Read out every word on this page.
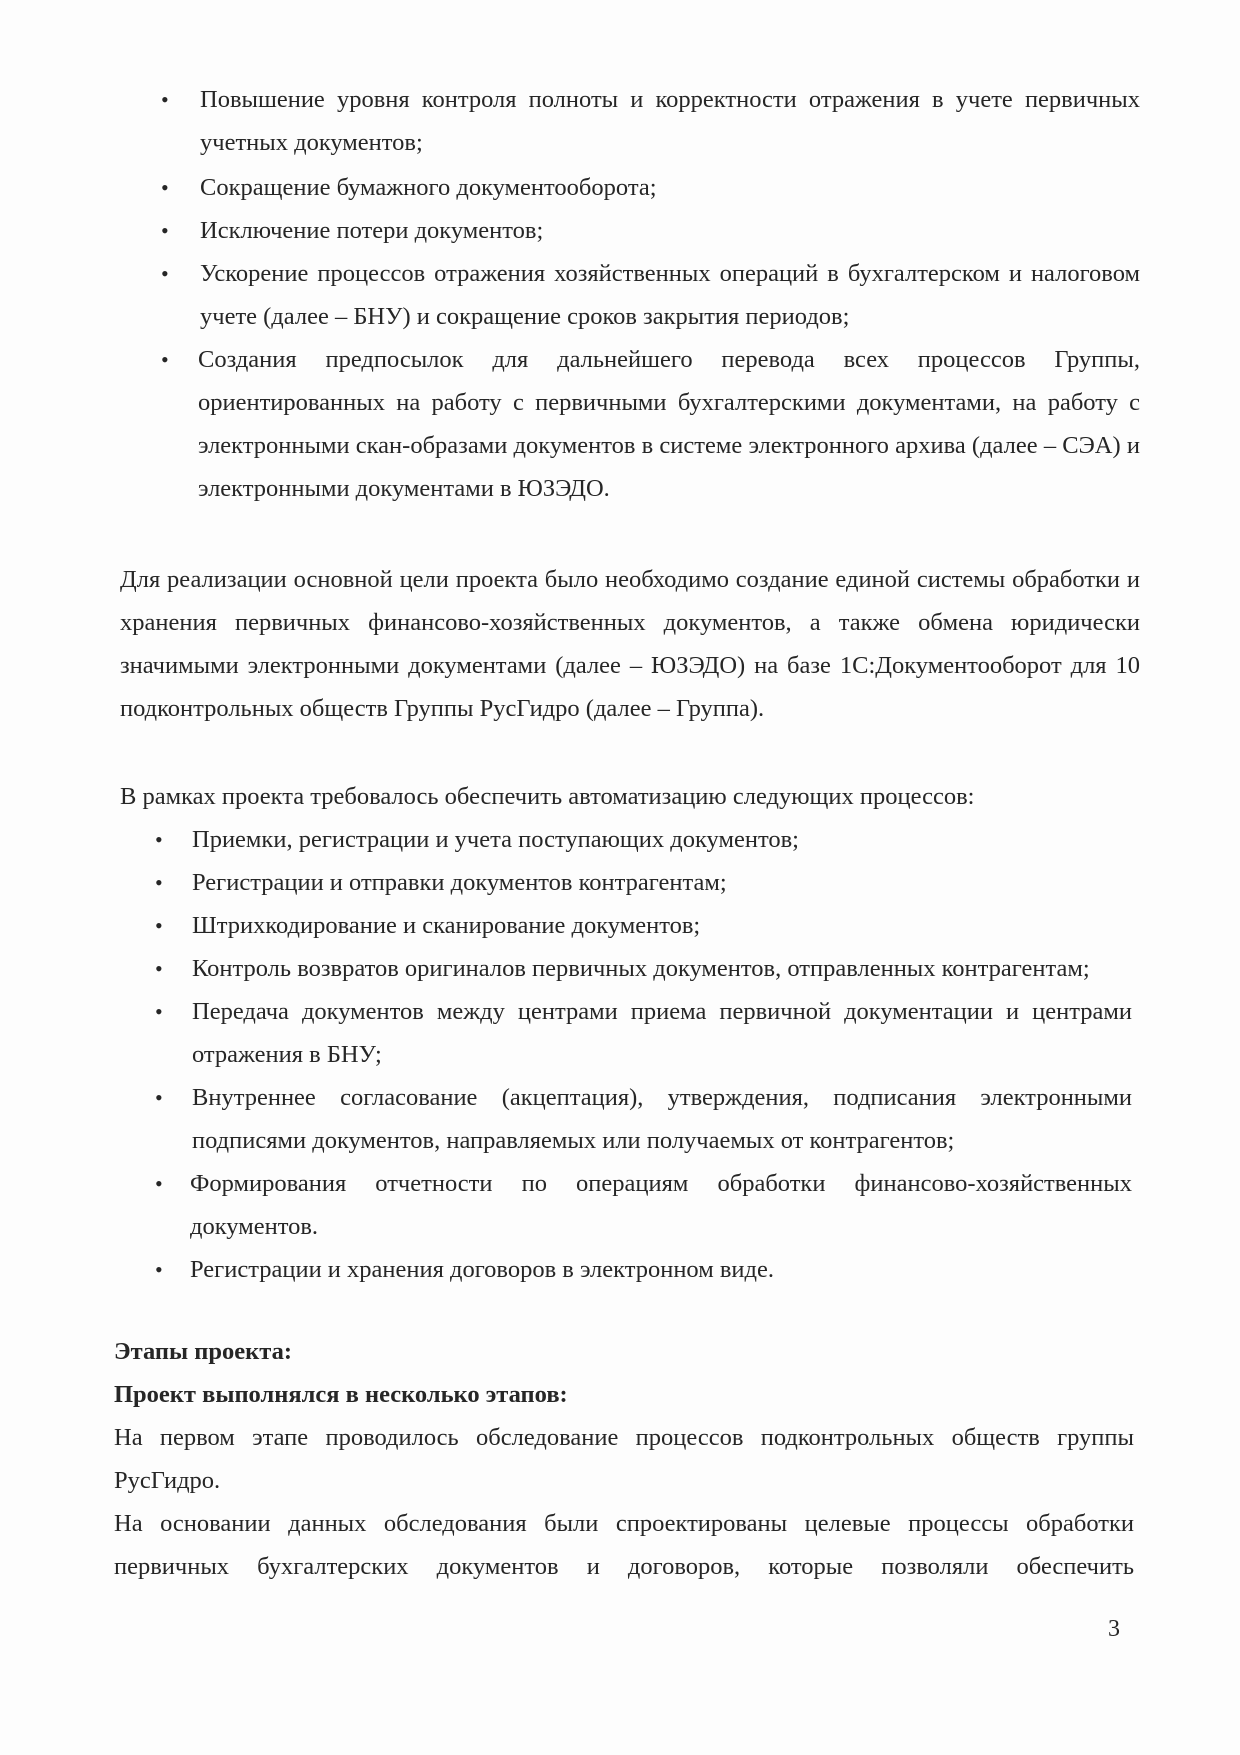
• Повышение уровня контроля полноты и корректности отражения в учете первичных учетных документов;
• Сокращение бумажного документооборота;
• Исключение потери документов;
• Ускорение процессов отражения хозяйственных операций в бухгалтерском и налоговом учете (далее – БНУ) и сокращение сроков закрытия периодов;
• Создания предпосылок для дальнейшего перевода всех процессов Группы, ориентированных на работу с первичными бухгалтерскими документами, на работу с электронными скан-образами документов в системе электронного архива (далее – СЭА) и электронными документами в ЮЗЭДО.
Для реализации основной цели проекта было необходимо создание единой системы обработки и хранения первичных финансово-хозяйственных документов, а также обмена юридически значимыми электронными документами (далее – ЮЗЭДО) на базе 1С:Документооборот для 10 подконтрольных обществ Группы РусГидро (далее – Группа).
В рамках проекта требовалось обеспечить автоматизацию следующих процессов:
• Приемки, регистрации и учета поступающих документов;
• Регистрации и отправки документов контрагентам;
• Штрихкодирование и сканирование документов;
• Контроль возвратов оригиналов первичных документов, отправленных контрагентам;
• Передача документов между центрами приема первичной документации и центрами отражения в БНУ;
• Внутреннее согласование (акцептация), утверждения, подписания электронными подписями документов, направляемых или получаемых от контрагентов;
• Формирования отчетности по операциям обработки финансово-хозяйственных документов.
• Регистрации и хранения договоров в электронном виде.
Этапы проекта:
Проект выполнялся в несколько этапов:
На первом этапе проводилось обследование процессов подконтрольных обществ группы РусГидро.
На основании данных обследования были спроектированы целевые процессы обработки первичных бухгалтерских документов и договоров, которые позволяли обеспечить
3
